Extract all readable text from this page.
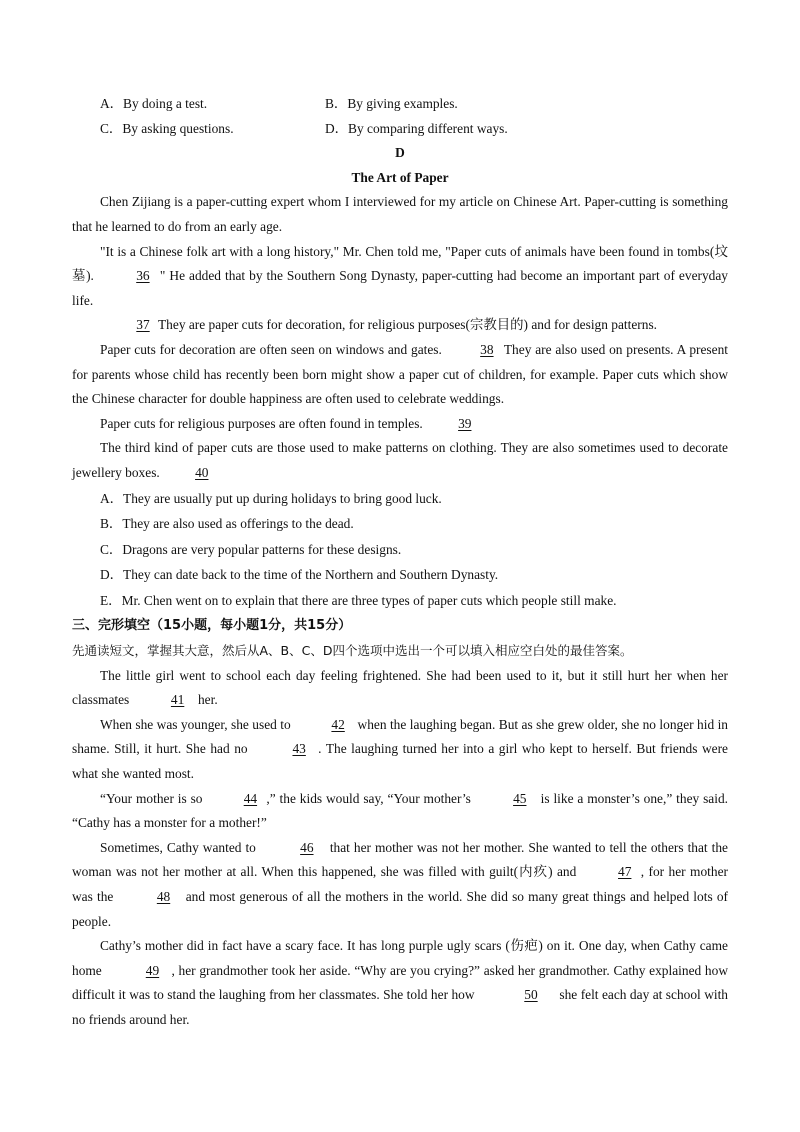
A．By doing a test.	B．By giving examples.
C．By asking questions.	D．By comparing different ways.
D
The Art of Paper
Chen Zijiang is a paper-cutting expert whom I interviewed for my article on Chinese Art. Paper-cutting is something that he learned to do from an early age.
"It is a Chinese folk art with a long history," Mr. Chen told me, "Paper cuts of animals have been found in tombs(坟墓).	36 " He added that by the Southern Song Dynasty, paper-cutting had become an important part of everyday life.
37 They are paper cuts for decoration, for religious purposes(宗教目的) and for design patterns.
Paper cuts for decoration are often seen on windows and gates.	38 They are also used on presents. A present for parents whose child has recently been born might show a paper cut of children, for example. Paper cuts which show the Chinese character for double happiness are often used to celebrate weddings.
Paper cuts for religious purposes are often found in temples.	39
The third kind of paper cuts are those used to make patterns on clothing. They are also sometimes used to decorate jewellery boxes.	40
A．They are usually put up during holidays to bring good luck.
B．They are also used as offerings to the dead.
C．Dragons are very popular patterns for these designs.
D．They can date back to the time of the Northern and Southern Dynasty.
E．Mr. Chen went on to explain that there are three types of paper cuts which people still make.
三、完形填空（15小题，每小题1分，共15分）
先通读短文，掌握其大意，然后从A、B、C、D四个选项中选出一个可以填入相应空白处的最佳答案。
The little girl went to school each day feeling frightened. She had been used to it, but it still hurt her when her classmates	41 her.
When she was younger, she used to	42 when the laughing began. But as she grew older, she no longer hid in shame. Still, it hurt. She had no	43 . The laughing turned her into a girl who kept to herself. But friends were what she wanted most.
“Your mother is so	44 ,” the kids would say, “Your mother’s	45 is like a monster’s one,” they said. “Cathy has a monster for a mother!”
Sometimes, Cathy wanted to	46 that her mother was not her mother. She wanted to tell the others that the woman was not her mother at all. When this happened, she was filled with guilt(内疚) and	47 , for her mother was the	48 and most generous of all the mothers in the world. She did so many great things and helped lots of people.
Cathy’s mother did in fact have a scary face. It has long purple ugly scars (伤疤) on it. One day, when Cathy came home	49 , her grandmother took her aside. “Why are you crying?” asked her grandmother. Cathy explained how difficult it was to stand the laughing from her classmates. She told her how	50 she felt each day at school with no friends around her.
